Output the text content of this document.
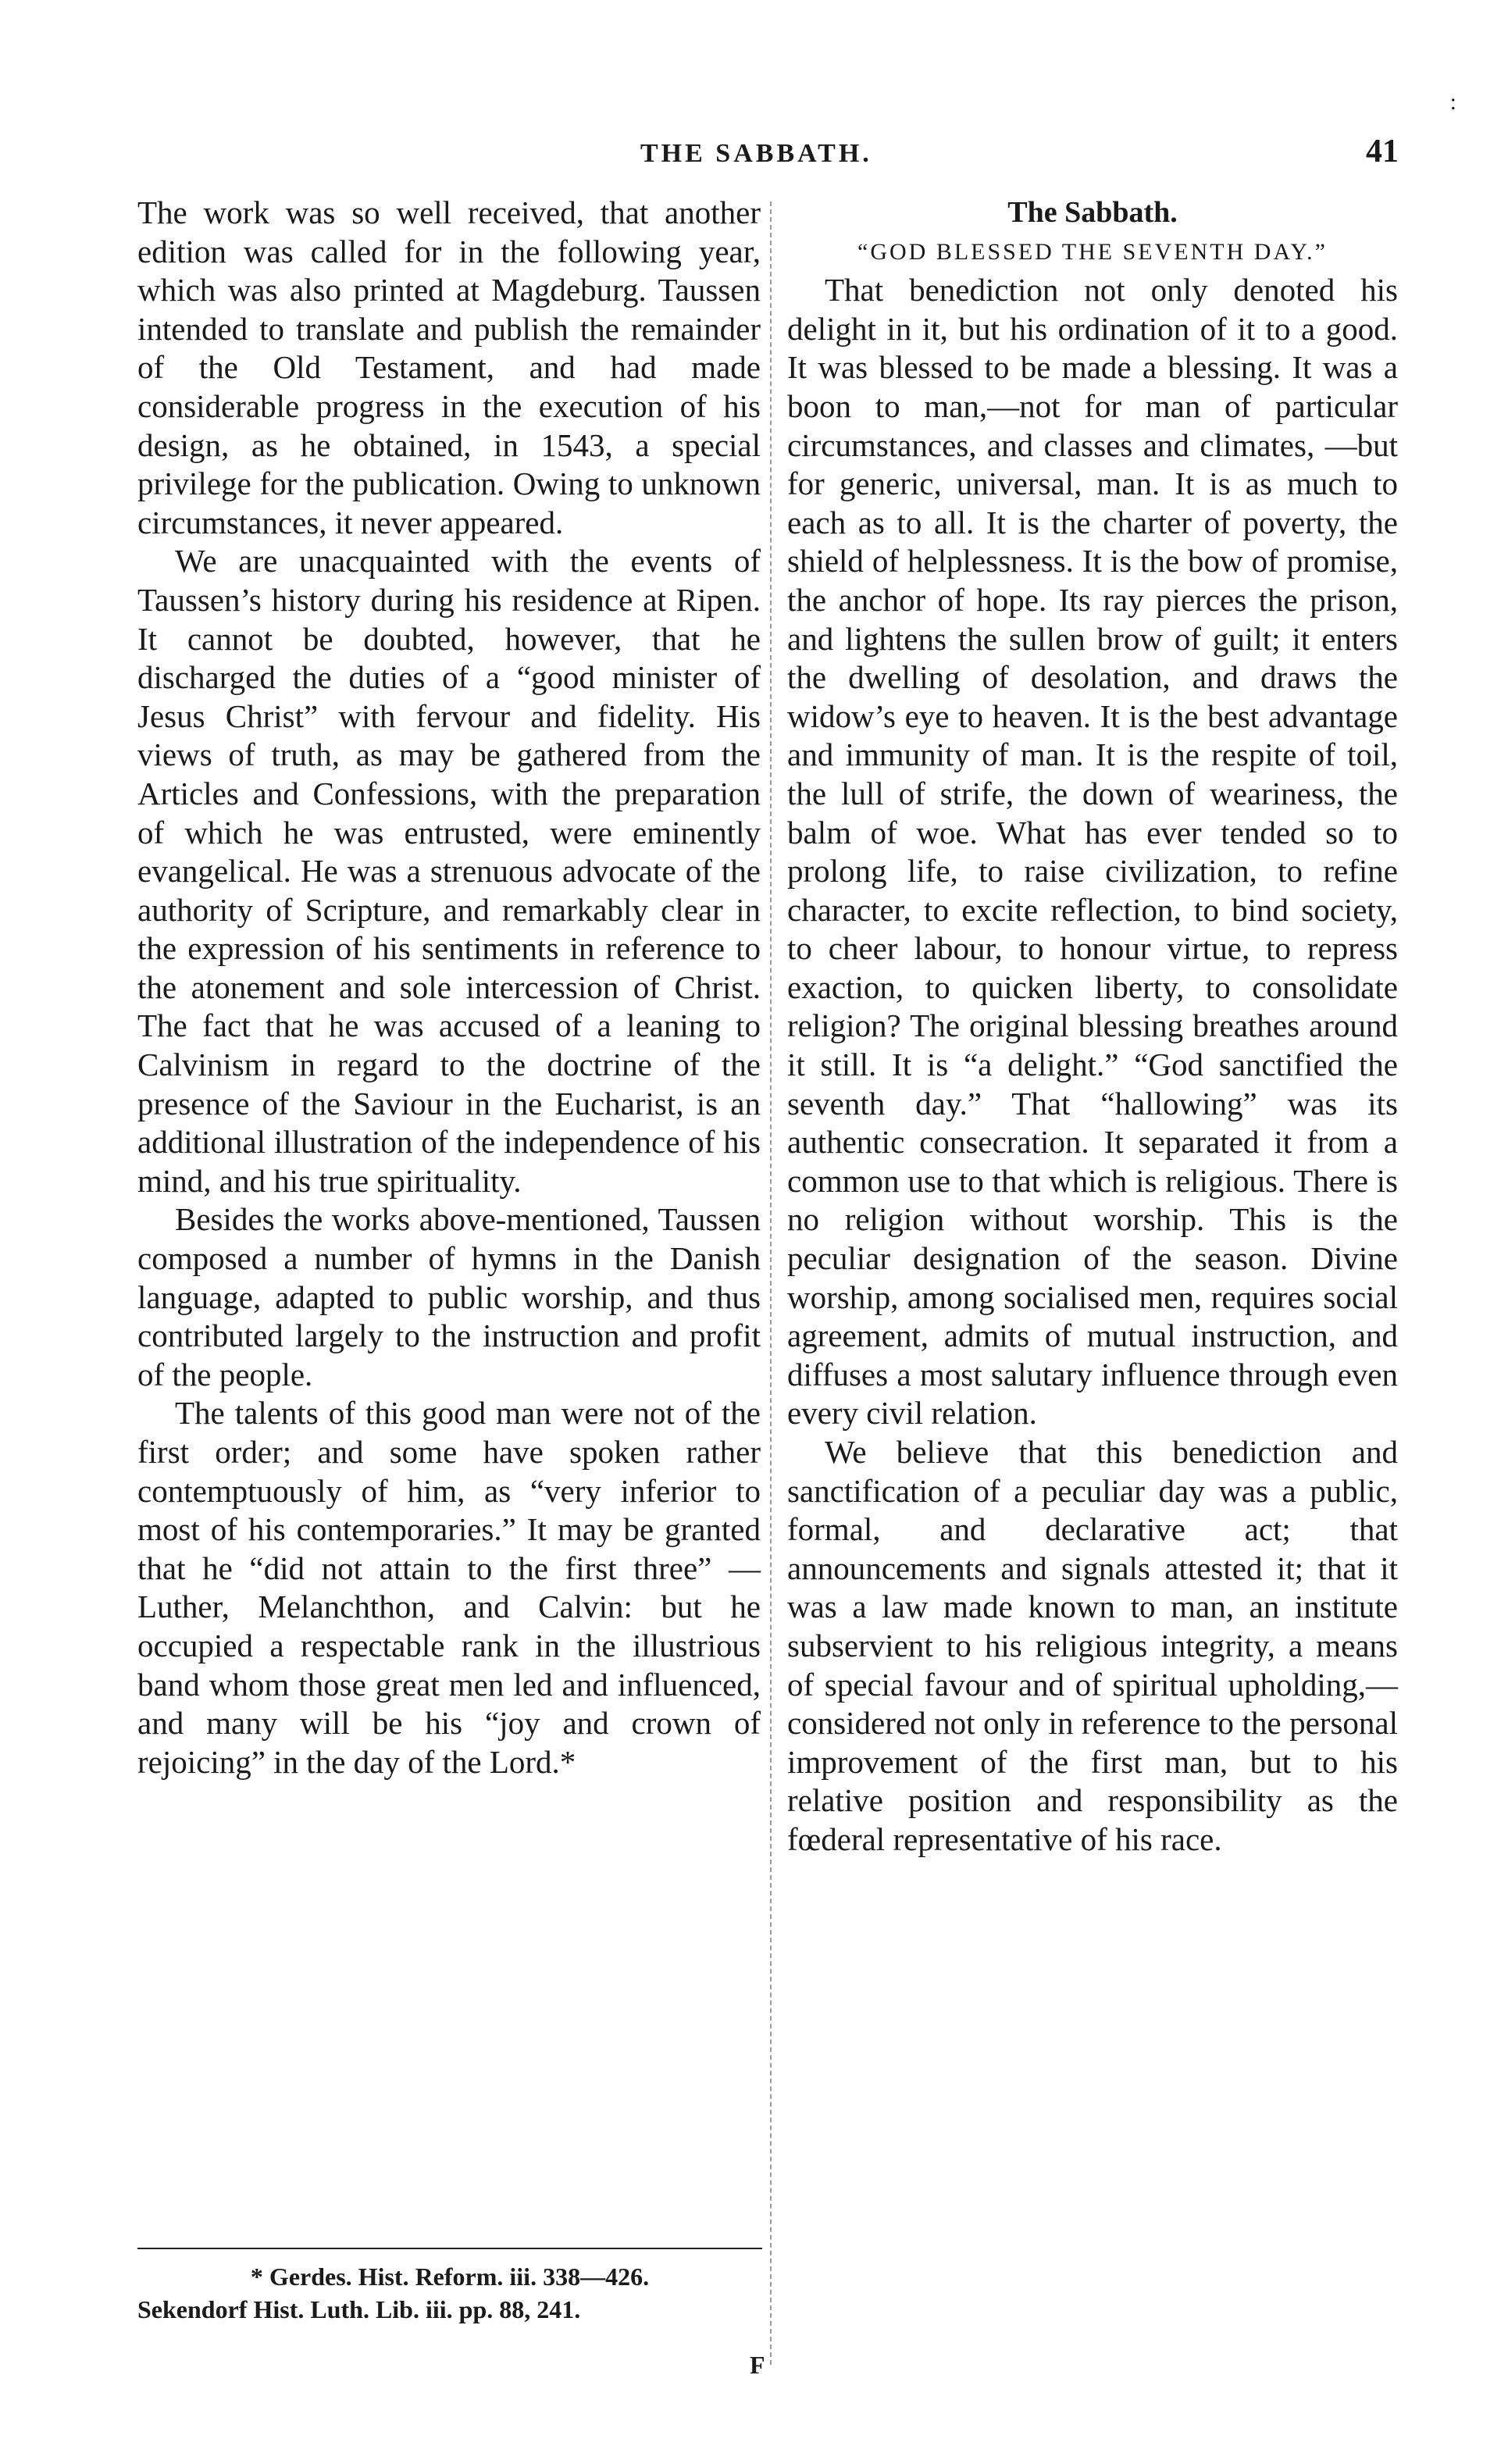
:
THE SABBATH.	41

The work was so well received, that another edition was called for in the following year, which was also printed at Magdeburg. Taussen intended to translate and publish the remainder of the Old Testament, and had made considerable progress in the execution of his design, as he obtained, in 1543, a special privilege for the publication. Owing to unknown circumstances, it never appeared.

We are unacquainted with the events of Taussen’s history during his residence at Ripen. It cannot be doubted, however, that he discharged the duties of a “good minister of Jesus Christ” with fervour and fidelity. His views of truth, as may be gathered from the Articles and Confessions, with the preparation of which he was entrusted, were eminently evangelical. He was a strenuous advocate of the authority of Scripture, and remarkably clear in the expression of his sentiments in reference to the atonement and sole intercession of Christ. The fact that he was accused of a leaning to Calvinism in regard to the doctrine of the presence of the Saviour in the Eucharist, is an additional illustration of the independence of his mind, and his true spirituality.

Besides the works above-mentioned, Taussen composed a number of hymns in the Danish language, adapted to public worship, and thus contributed largely to the instruction and profit of the people.

The talents of this good man were not of the first order; and some have spoken rather contemptuously of him, as “very inferior to most of his contemporaries.” It may be granted that he “did not attain to the first three” —Luther, Melanchthon, and Calvin: but he occupied a respectable rank in the illustrious band whom those great men led and influenced, and many will be his “joy and crown of rejoicing” in the day of the Lord.*

* Gerdes. Hist. Reform. iii. 338—426.
Sekendorf Hist. Luth. Lib. iii. pp. 88, 241.
The Sabbath.
“GOD BLESSED THE SEVENTH DAY.”

That benediction not only denoted his delight in it, but his ordination of it to a good. It was blessed to be made a blessing. It was a boon to man,—not for man of particular circumstances, and classes and climates, —but for generic, universal, man. It is as much to each as to all. It is the charter of poverty, the shield of helplessness. It is the bow of promise, the anchor of hope. Its ray pierces the prison, and lightens the sullen brow of guilt; it enters the dwelling of desolation, and draws the widow’s eye to heaven. It is the best advantage and immunity of man. It is the respite of toil, the lull of strife, the down of weariness, the balm of woe. What has ever tended so to prolong life, to raise civilization, to refine character, to excite reflection, to bind society, to cheer labour, to honour virtue, to repress exaction, to quicken liberty, to consolidate religion? The original blessing breathes around it still. It is “a delight.” “God sanctified the seventh day.” That “hallowing” was its authentic consecration. It separated it from a common use to that which is religious. There is no religion without worship. This is the peculiar designation of the season. Divine worship, among socialised men, requires social agreement, admits of mutual instruction, and diffuses a most salutary influence through even every civil relation.

We believe that this benediction and sanctification of a peculiar day was a public, formal, and declarative act; that announcements and signals attested it; that it was a law made known to man, an institute subservient to his religious integrity, a means of special favour and of spiritual upholding,—considered not only in reference to the personal improvement of the first man, but to his relative position and responsibility as the fœderal representative of his race.

F
